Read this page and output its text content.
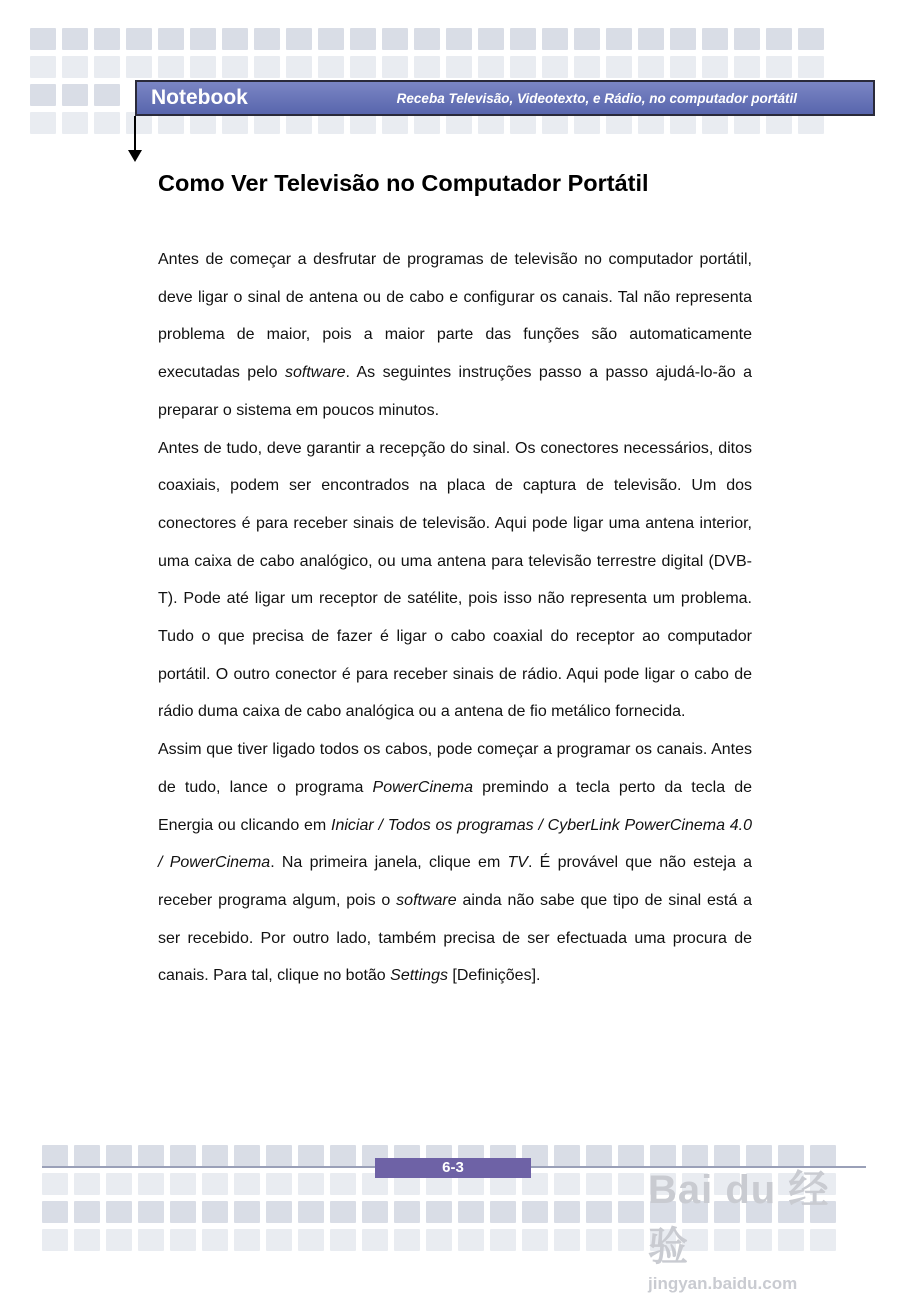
Notebook	Receba Televisão, Videotexto, e Rádio, no computador portátil
Como Ver Televisão no Computador Portátil

Antes de começar a desfrutar de programas de televisão no computador portátil, deve ligar o sinal de antena ou de cabo e configurar os canais. Tal não representa problema de maior, pois a maior parte das funções são automaticamente executadas pelo software. As seguintes instruções passo a passo ajudá-lo-ão a preparar o sistema em poucos minutos.

Antes de tudo, deve garantir a recepção do sinal. Os conectores necessários, ditos coaxiais, podem ser encontrados na placa de captura de televisão. Um dos conectores é para receber sinais de televisão. Aqui pode ligar uma antena interior, uma caixa de cabo analógico, ou uma antena para televisão terrestre digital (DVB-T). Pode até ligar um receptor de satélite, pois isso não representa um problema. Tudo o que precisa de fazer é ligar o cabo coaxial do receptor ao computador portátil. O outro conector é para receber sinais de rádio. Aqui pode ligar o cabo de rádio duma caixa de cabo analógica ou a antena de fio metálico fornecida.

Assim que tiver ligado todos os cabos, pode começar a programar os canais. Antes de tudo, lance o programa PowerCinema premindo a tecla perto da tecla de Energia ou clicando em Iniciar / Todos os programas / CyberLink PowerCinema 4.0 / PowerCinema. Na primeira janela, clique em TV. É provável que não esteja a receber programa algum, pois o software ainda não sabe que tipo de sinal está a ser recebido. Por outro lado, também precisa de ser efectuada uma procura de canais. Para tal, clique no botão Settings [Definições].

6-3
Bai du 经验
jingyan.baidu.com
